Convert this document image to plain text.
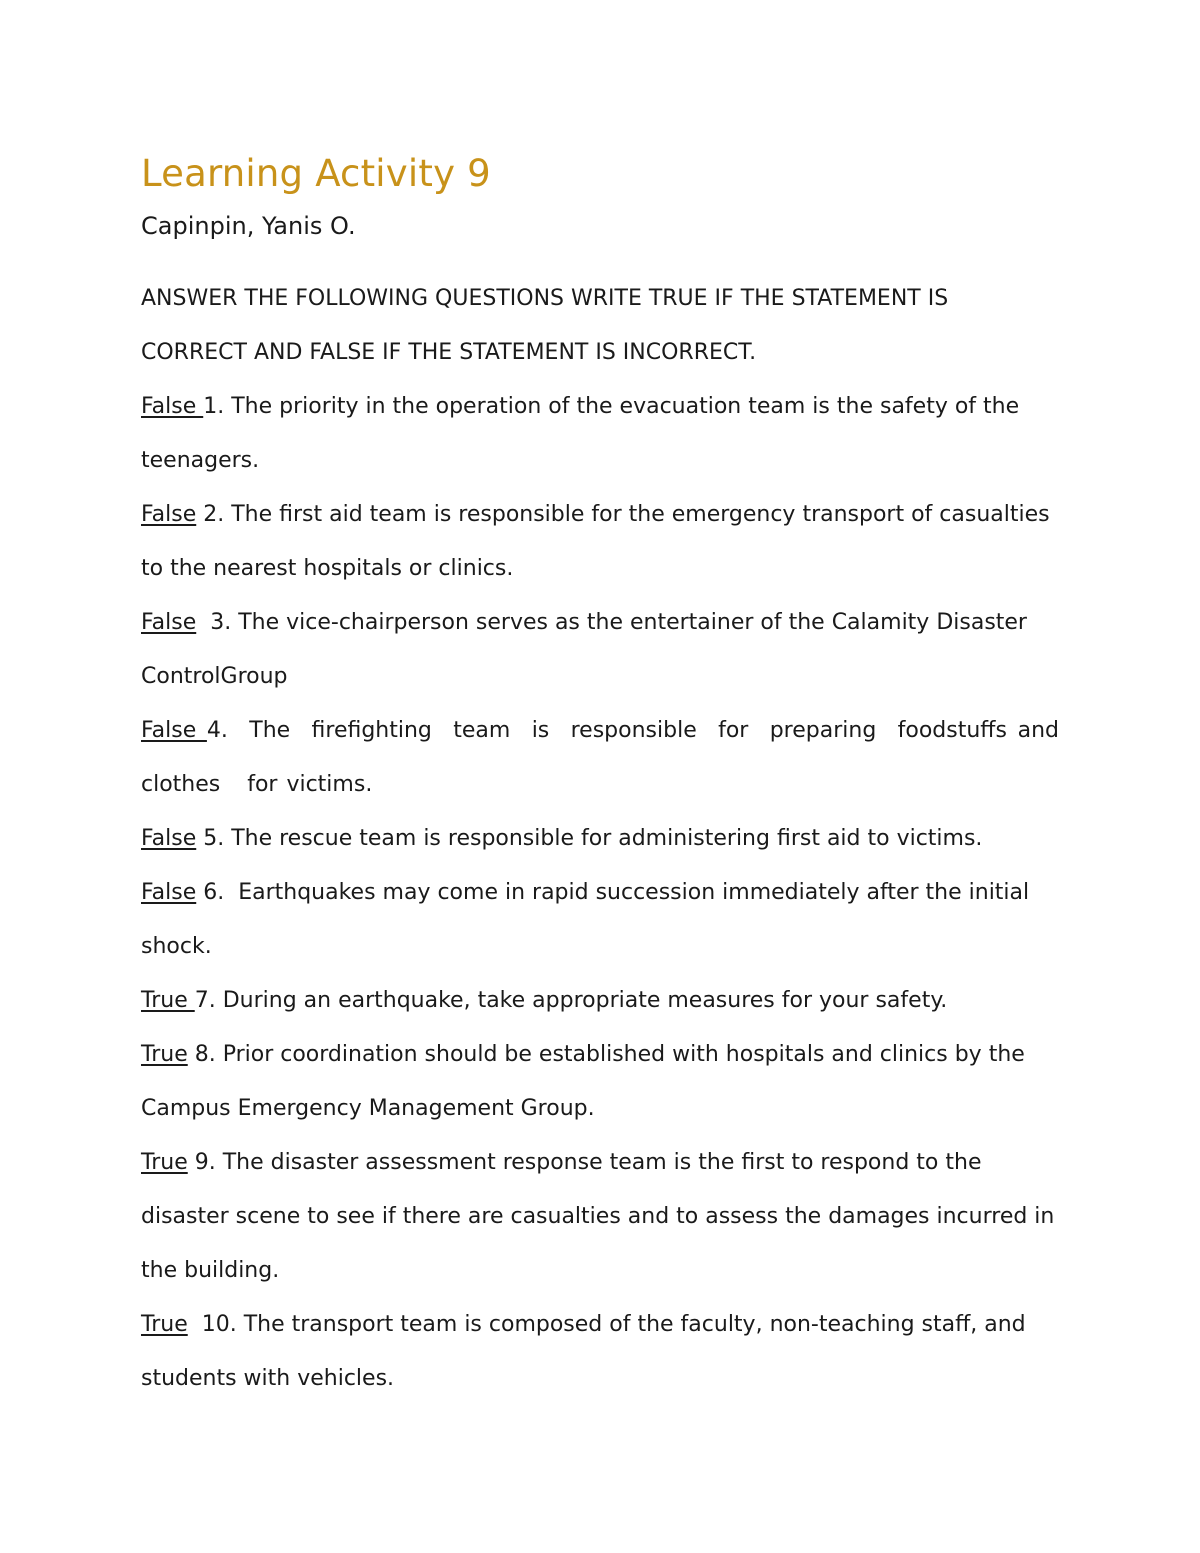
Learning Activity 9

Capinpin, Yanis O.

ANSWER THE FOLLOWING QUESTIONS WRITE TRUE IF THE STATEMENT IS CORRECT AND FALSE IF THE STATEMENT IS INCORRECT.

False 1. The priority in the operation of the evacuation team is the safety of the teenagers.
False 2. The first aid team is responsible for the emergency transport of casualties to the nearest hospitals or clinics.
False  3. The vice-chairperson serves as the entertainer of the Calamity Disaster ControlGroup
False 4.  The  firefighting  team  is  responsible  for  preparing  foodstuffs and   clothes   for victims.
False 5. The rescue team is responsible for administering first aid to victims.
False 6.  Earthquakes may come in rapid succession immediately after the initial shock.
True 7. During an earthquake, take appropriate measures for your safety.
True 8. Prior coordination should be established with hospitals and clinics by the Campus Emergency Management Group.
True 9. The disaster assessment response team is the first to respond to the disaster scene to see if there are casualties and to assess the damages incurred in the building.
True  10. The transport team is composed of the faculty, non-teaching staff, and students with vehicles.
